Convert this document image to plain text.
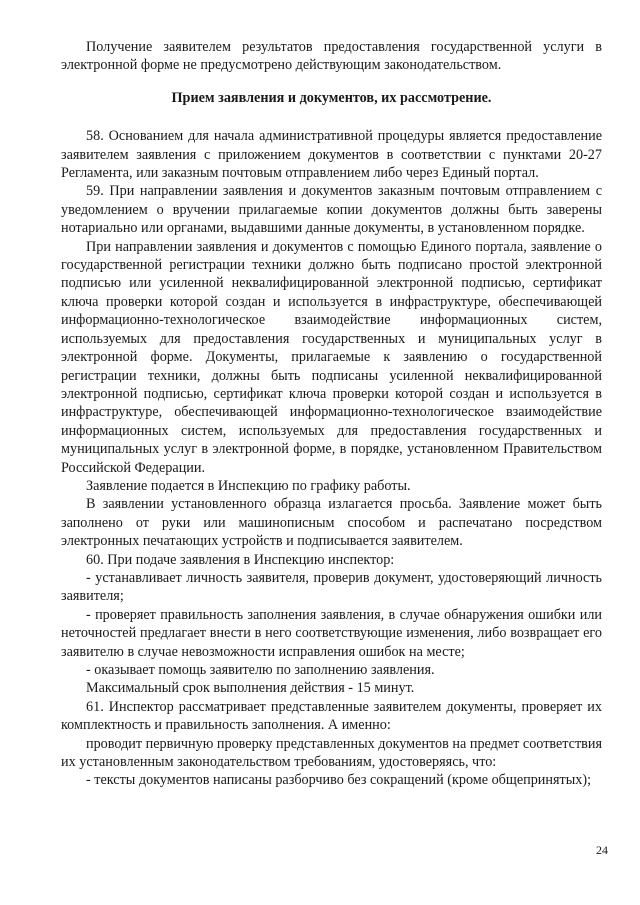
Получение заявителем результатов предоставления государственной услуги в электронной форме не предусмотрено действующим законодательством.

Прием заявления и документов, их рассмотрение.

58. Основанием для начала административной процедуры является предоставление заявителем заявления с приложением документов в соответствии с пунктами 20-27 Регламента, или заказным почтовым отправлением либо через Единый портал.

59. При направлении заявления и документов заказным почтовым отправлением с уведомлением о вручении прилагаемые копии документов должны быть заверены нотариально или органами, выдавшими данные документы, в установленном порядке.

При направлении заявления и документов с помощью Единого портала, заявление о государственной регистрации техники должно быть подписано простой электронной подписью или усиленной неквалифицированной электронной подписью, сертификат ключа проверки которой создан и используется в инфраструктуре, обеспечивающей информационно-технологическое взаимодействие информационных систем, используемых для предоставления государственных и муниципальных услуг в электронной форме. Документы, прилагаемые к заявлению о государственной регистрации техники, должны быть подписаны усиленной неквалифицированной электронной подписью, сертификат ключа проверки которой создан и используется в инфраструктуре, обеспечивающей информационно-технологическое взаимодействие информационных систем, используемых для предоставления государственных и муниципальных услуг в электронной форме, в порядке, установленном Правительством Российской Федерации.

Заявление подается в Инспекцию по графику работы.

В заявлении установленного образца излагается просьба. Заявление может быть заполнено от руки или машинописным способом и распечатано посредством электронных печатающих устройств и подписывается заявителем.

60. При подаче заявления в Инспекцию инспектор:

- устанавливает личность заявителя, проверив документ, удостоверяющий личность заявителя;

- проверяет правильность заполнения заявления, в случае обнаружения ошибки или неточностей предлагает внести в него соответствующие изменения, либо возвращает его заявителю в случае невозможности исправления ошибок на месте;

- оказывает помощь заявителю по заполнению заявления.

Максимальный срок выполнения действия - 15 минут.

61. Инспектор рассматривает представленные заявителем документы, проверяет их комплектность и правильность заполнения. А именно:

проводит первичную проверку представленных документов на предмет соответствия их установленным законодательством требованиям, удостоверяясь, что:

- тексты документов написаны разборчиво без сокращений (кроме общепринятых);

24
